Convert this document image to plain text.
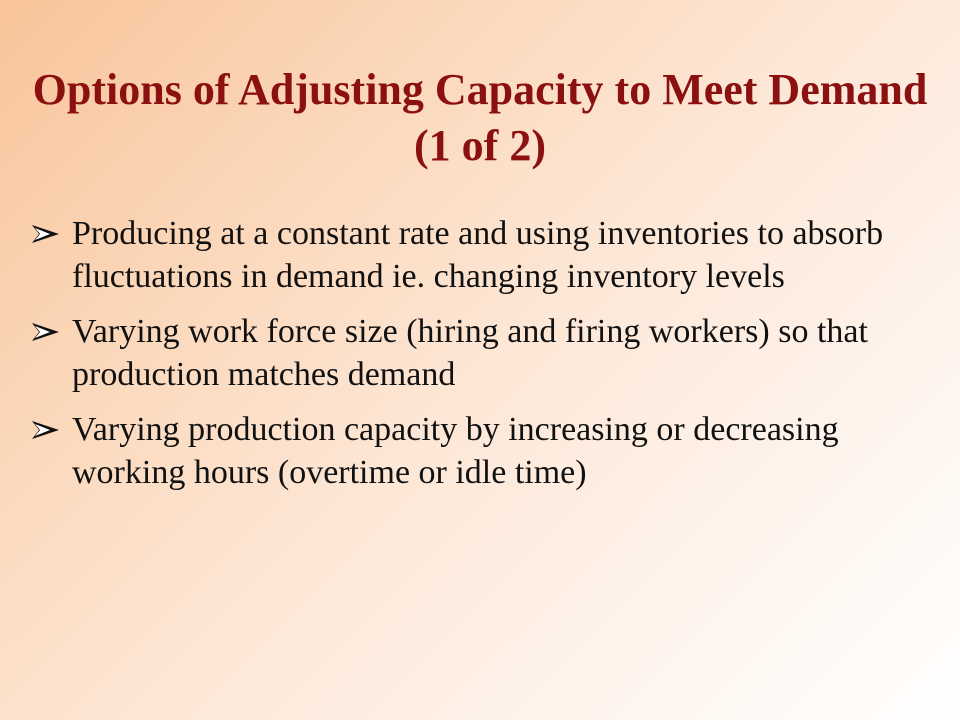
Options of Adjusting Capacity to Meet Demand (1 of 2)
Producing at a constant rate and using inventories to absorb fluctuations in demand ie. changing inventory levels
Varying work force size (hiring and firing workers) so that production matches demand
Varying production capacity by increasing or decreasing working hours (overtime or idle time)
